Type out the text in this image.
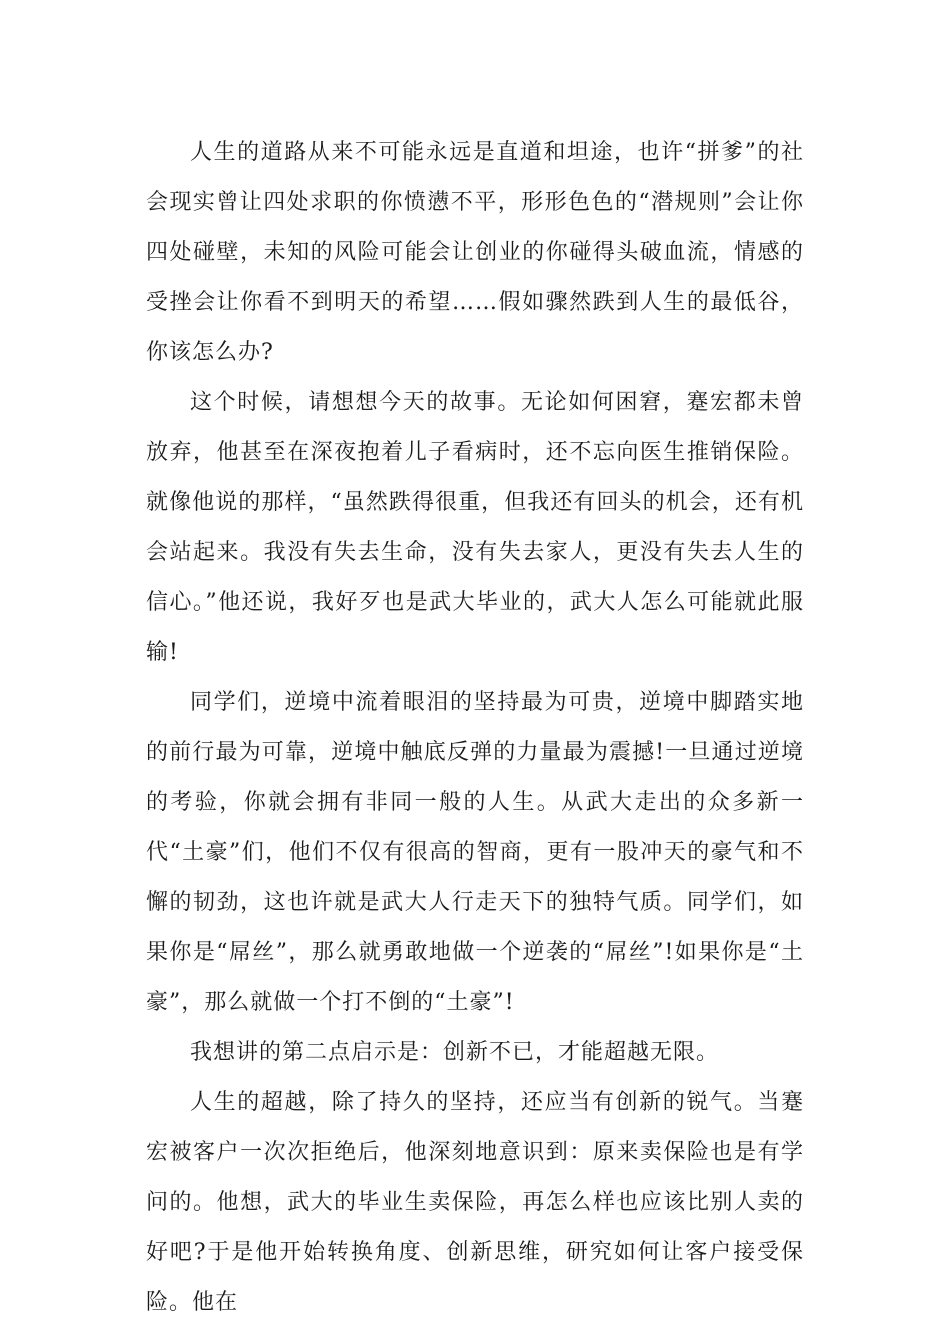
人生的道路从来不可能永远是直道和坦途，也许“拼爹”的社会现实曾让四处求职的你愤懑不平，形形色色的“潜规则”会让你四处碰壁，未知的风险可能会让创业的你碰得头破血流，情感的受挫会让你看不到明天的希望……假如骤然跌到人生的最低谷，你该怎么办?

这个时候，请想想今天的故事。无论如何困窘，蹇宏都未曾放弃，他甚至在深夜抱着儿子看病时，还不忘向医生推销保险。就像他说的那样，“虽然跌得很重，但我还有回头的机会，还有机会站起来。我没有失去生命，没有失去家人，更没有失去人生的信心。”他还说，我好歹也是武大毕业的，武大人怎么可能就此服输!

同学们，逆境中流着眼泪的坚持最为可贵，逆境中脚踏实地的前行最为可靠，逆境中触底反弹的力量最为震撼!一旦通过逆境的考验，你就会拥有非同一般的人生。从武大走出的众多新一代“土豪”们，他们不仅有很高的智商，更有一股冲天的豪气和不懈的韧劲，这也许就是武大人行走天下的独特气质。同学们，如果你是“屌丝”，那么就勇敢地做一个逆袭的“屌丝”!如果你是“土豪”，那么就做一个打不倒的“土豪”!

我想讲的第二点启示是：创新不已，才能超越无限。

人生的超越，除了持久的坚持，还应当有创新的锐气。当蹇宏被客户一次次拒绝后，他深刻地意识到：原来卖保险也是有学问的。他想，武大的毕业生卖保险，再怎么样也应该比别人卖的好吧?于是他开始转换角度、创新思维，研究如何让客户接受保险。他在
